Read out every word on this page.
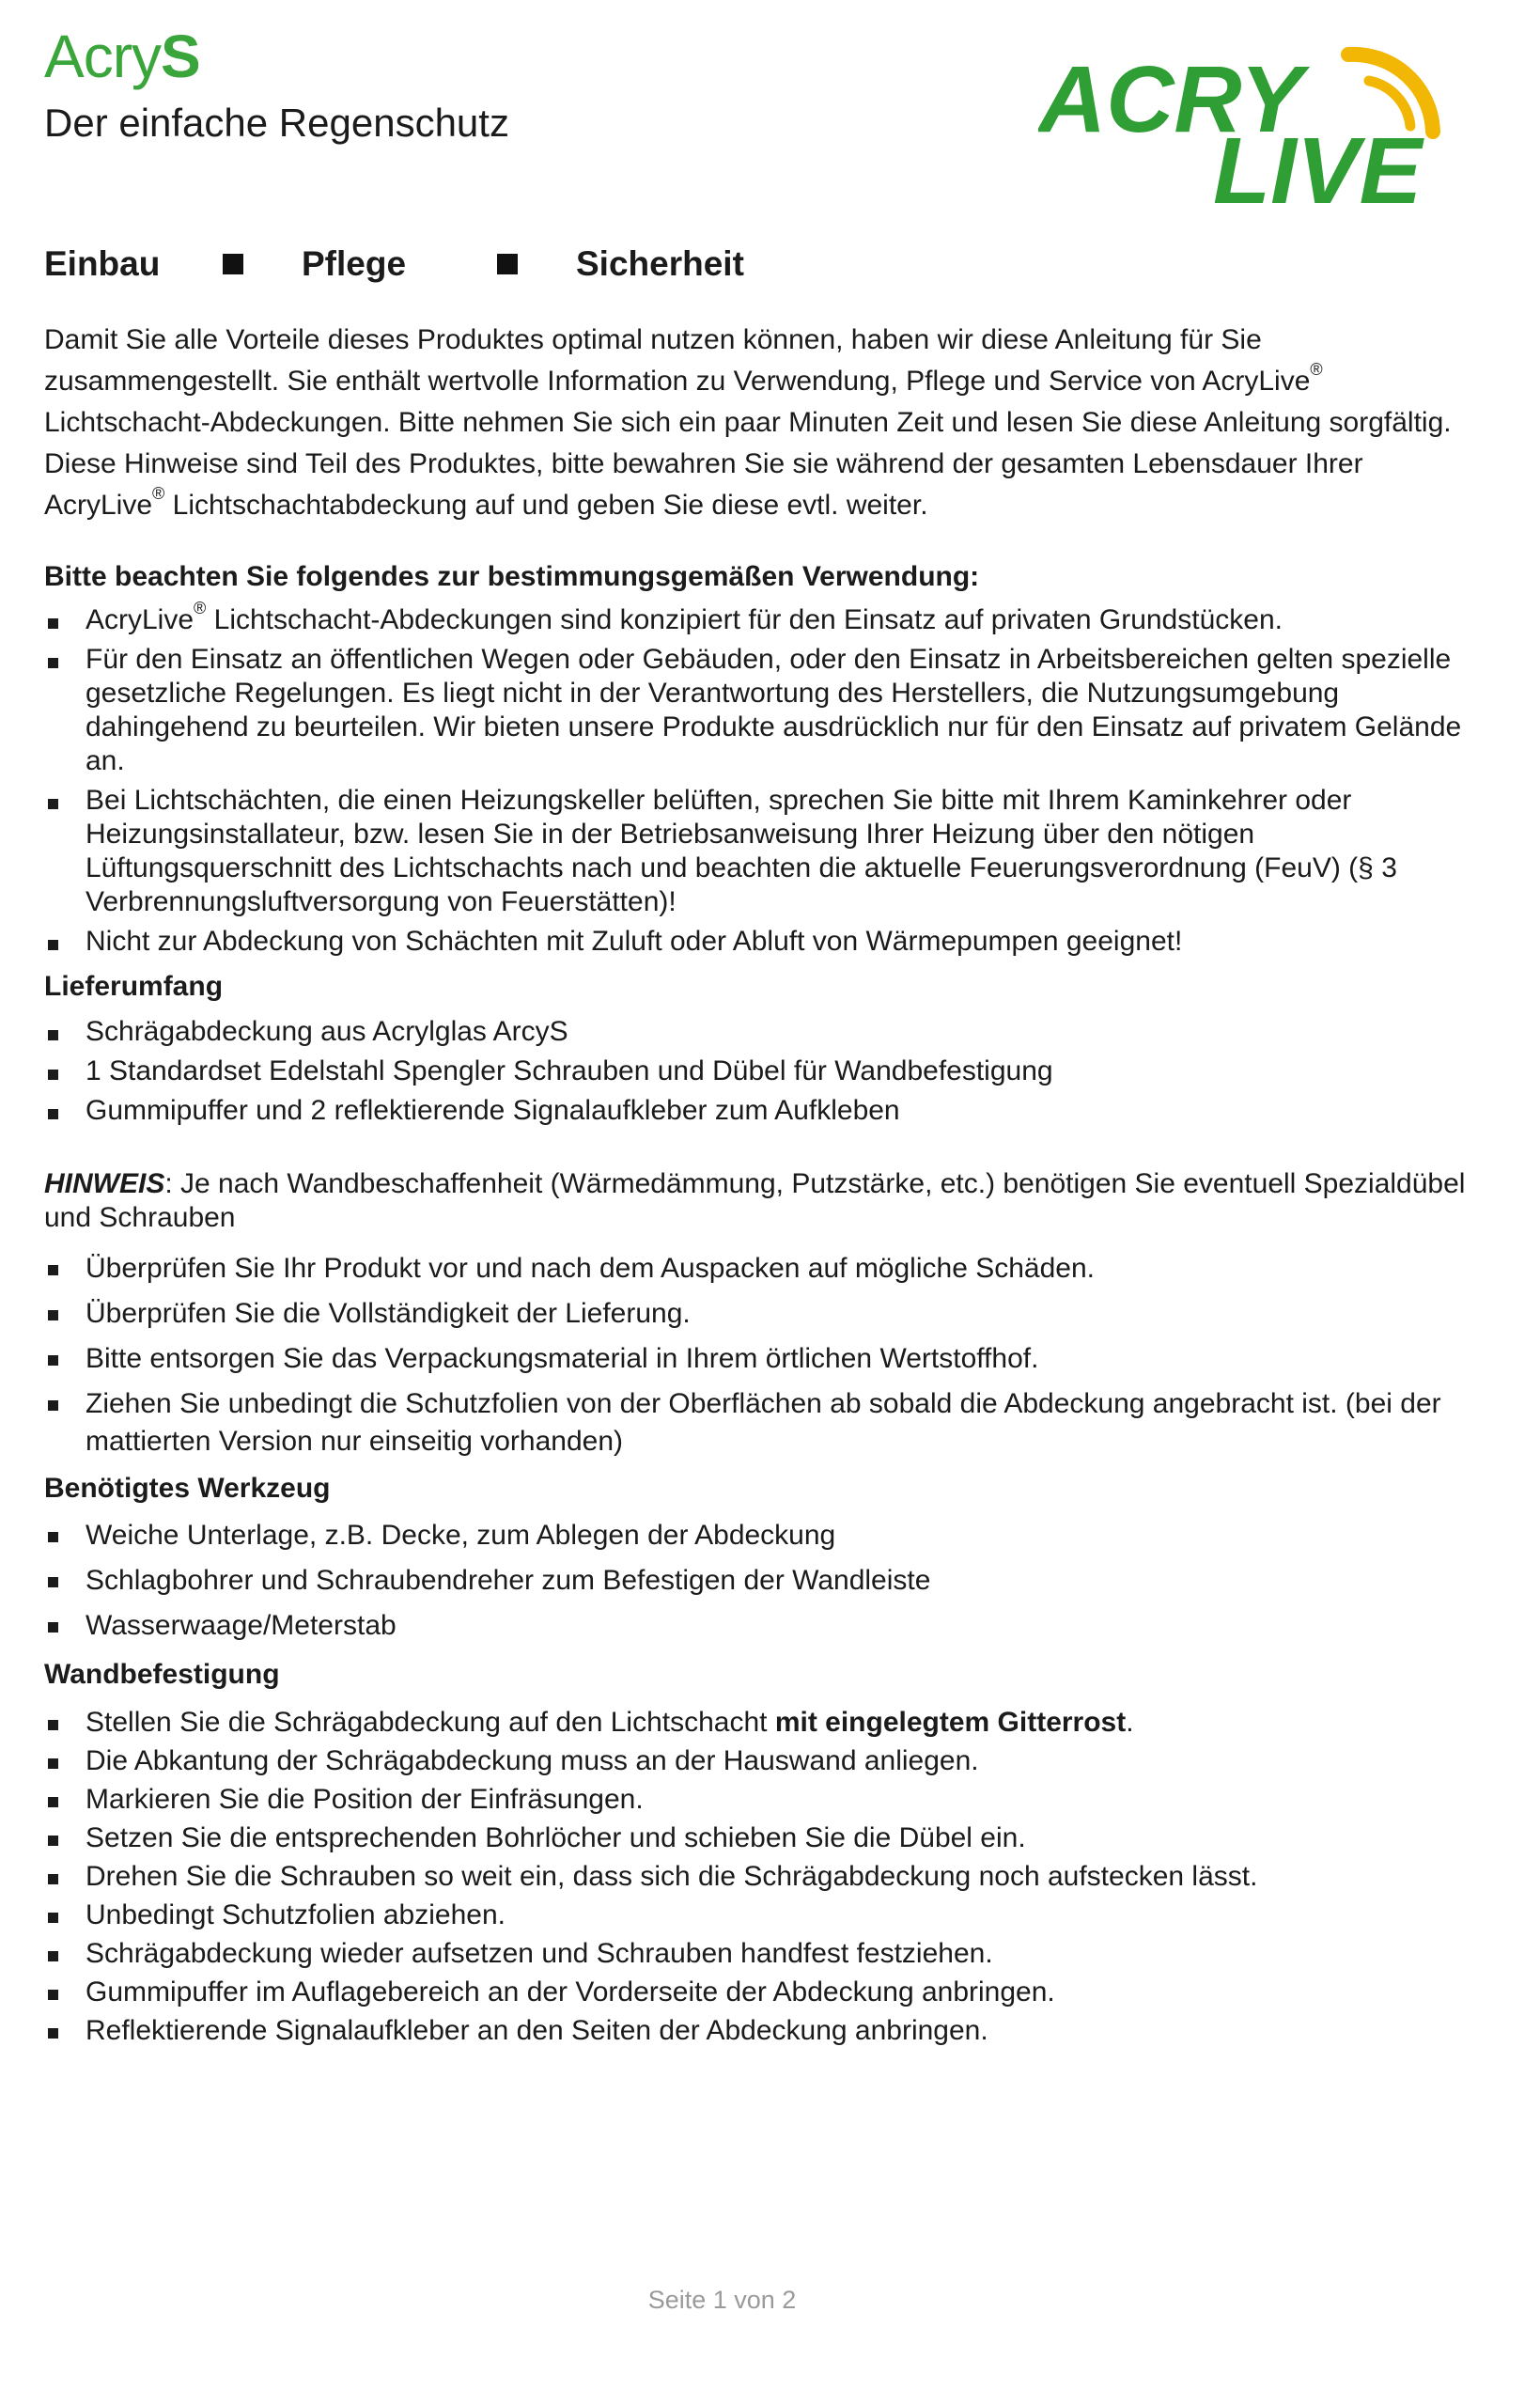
AcryS
Der einfache Regenschutz	ACRY
LIVE
Einbau	Pflege	Sicherheit

Damit Sie alle Vorteile dieses Produktes optimal nutzen können, haben wir diese Anleitung für Sie zusammengestellt. Sie enthält wertvolle Information zu Verwendung, Pflege und Service von AcryLive® Lichtschacht-Abdeckungen. Bitte nehmen Sie sich ein paar Minuten Zeit und lesen Sie diese Anleitung sorgfältig. Diese Hinweise sind Teil des Produktes, bitte bewahren Sie sie während der gesamten Lebensdauer Ihrer AcryLive® Lichtschachtabdeckung auf und geben Sie diese evtl. weiter.

Bitte beachten Sie folgendes zur bestimmungsgemäßen Verwendung:

AcryLive® Lichtschacht-Abdeckungen sind konzipiert für den Einsatz auf privaten Grundstücken.
Für den Einsatz an öffentlichen Wegen oder Gebäuden, oder den Einsatz in Arbeitsbereichen gelten spezielle gesetzliche Regelungen. Es liegt nicht in der Verantwortung des Herstellers, die Nutzungsumgebung dahingehend zu beurteilen. Wir bieten unsere Produkte ausdrücklich nur für den Einsatz auf privatem Gelände an.
Bei Lichtschächten, die einen Heizungskeller belüften, sprechen Sie bitte mit Ihrem Kaminkehrer oder Heizungsinstallateur, bzw. lesen Sie in der Betriebsanweisung Ihrer Heizung über den nötigen Lüftungsquerschnitt des Lichtschachts nach und beachten die aktuelle Feuerungsverordnung (FeuV) (§ 3 Verbrennungsluftversorgung von Feuerstätten)!
Nicht zur Abdeckung von Schächten mit Zuluft oder Abluft von Wärmepumpen geeignet!

Lieferumfang

Schrägabdeckung aus Acrylglas ArcyS
1 Standardset Edelstahl Spengler Schrauben und Dübel für Wandbefestigung
Gummipuffer und 2 reflektierende Signalaufkleber zum Aufkleben

HINWEIS: Je nach Wandbeschaffenheit (Wärmedämmung, Putzstärke, etc.) benötigen Sie eventuell Spezialdübel und Schrauben

Überprüfen Sie Ihr Produkt vor und nach dem Auspacken auf mögliche Schäden.
Überprüfen Sie die Vollständigkeit der Lieferung.
Bitte entsorgen Sie das Verpackungsmaterial in Ihrem örtlichen Wertstoffhof.
Ziehen Sie unbedingt die Schutzfolien von der Oberflächen ab sobald die Abdeckung angebracht ist. (bei der mattierten Version nur einseitig vorhanden)

Benötigtes Werkzeug

Weiche Unterlage, z.B. Decke, zum Ablegen der Abdeckung
Schlagbohrer und Schraubendreher zum Befestigen der Wandleiste
Wasserwaage/Meterstab

Wandbefestigung

Stellen Sie die Schrägabdeckung auf den Lichtschacht mit eingelegtem Gitterrost.
Die Abkantung der Schrägabdeckung muss an der Hauswand anliegen.
Markieren Sie die Position der Einfräsungen.
Setzen Sie die entsprechenden Bohrlöcher und schieben Sie die Dübel ein.
Drehen Sie die Schrauben so weit ein, dass sich die Schrägabdeckung noch aufstecken lässt.
Unbedingt Schutzfolien abziehen.
Schrägabdeckung wieder aufsetzen und Schrauben handfest festziehen.
Gummipuffer im Auflagebereich an der Vorderseite der Abdeckung anbringen.
Reflektierende Signalaufkleber an den Seiten der Abdeckung anbringen.
Seite 1 von 2
